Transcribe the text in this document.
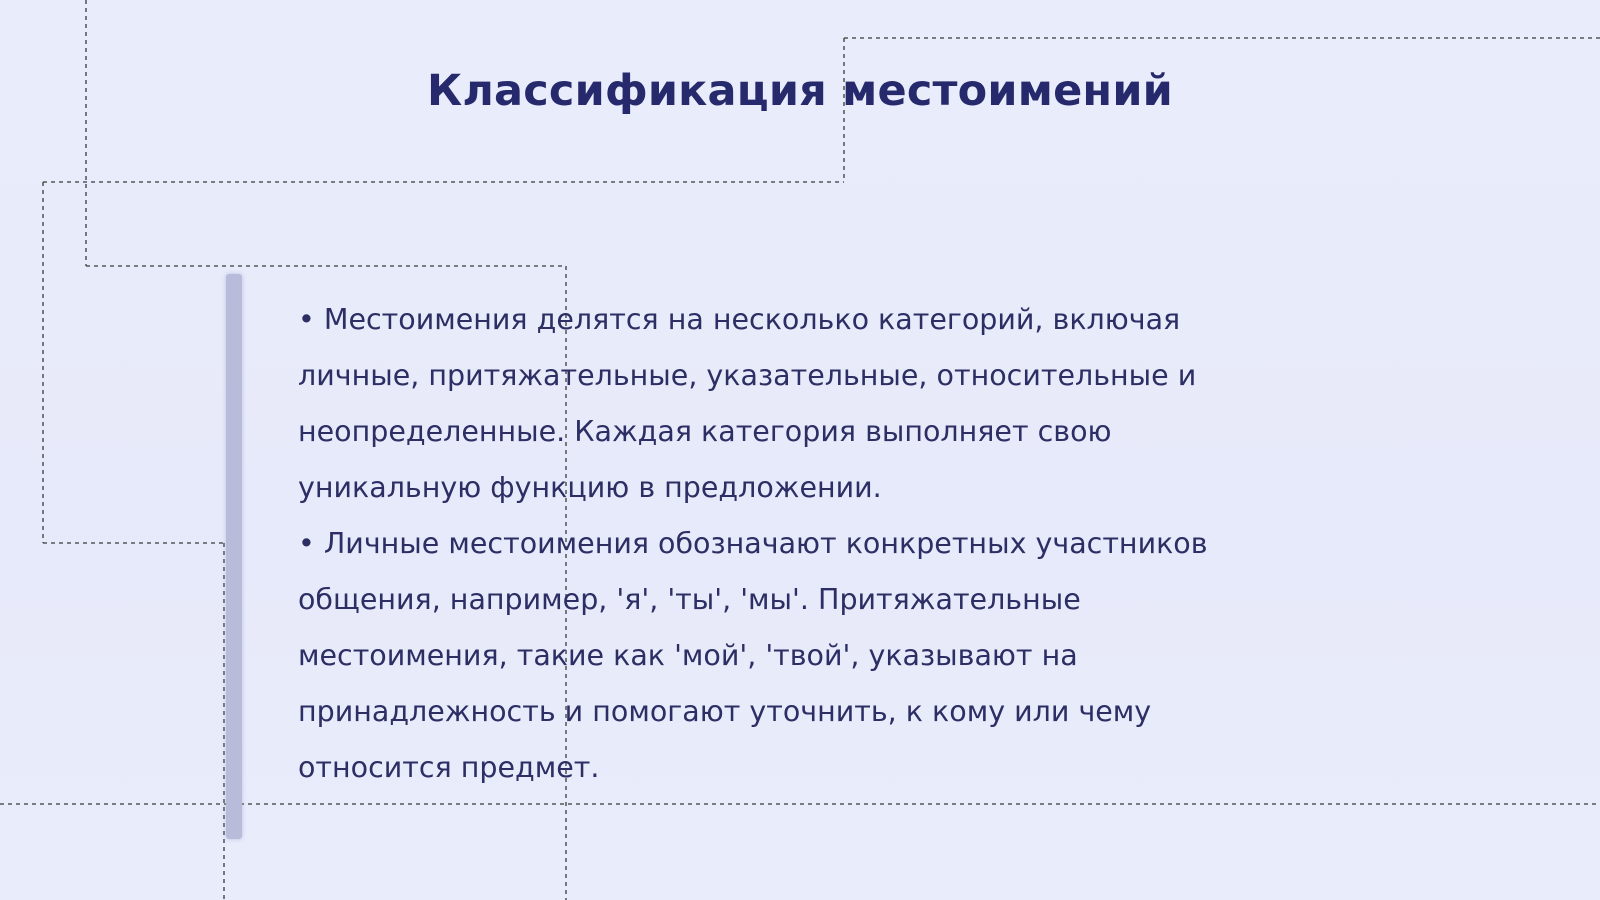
Классификация местоимений

• Местоимения делятся на несколько категорий, включая личные, притяжательные, указательные, относительные и неопределенные. Каждая категория выполняет свою уникальную функцию в предложении.

• Личные местоимения обозначают конкретных участников общения, например, 'я', 'ты', 'мы'. Притяжательные местоимения, такие как 'мой', 'твой', указывают на принадлежность и помогают уточнить, к кому или чему относится предмет.
